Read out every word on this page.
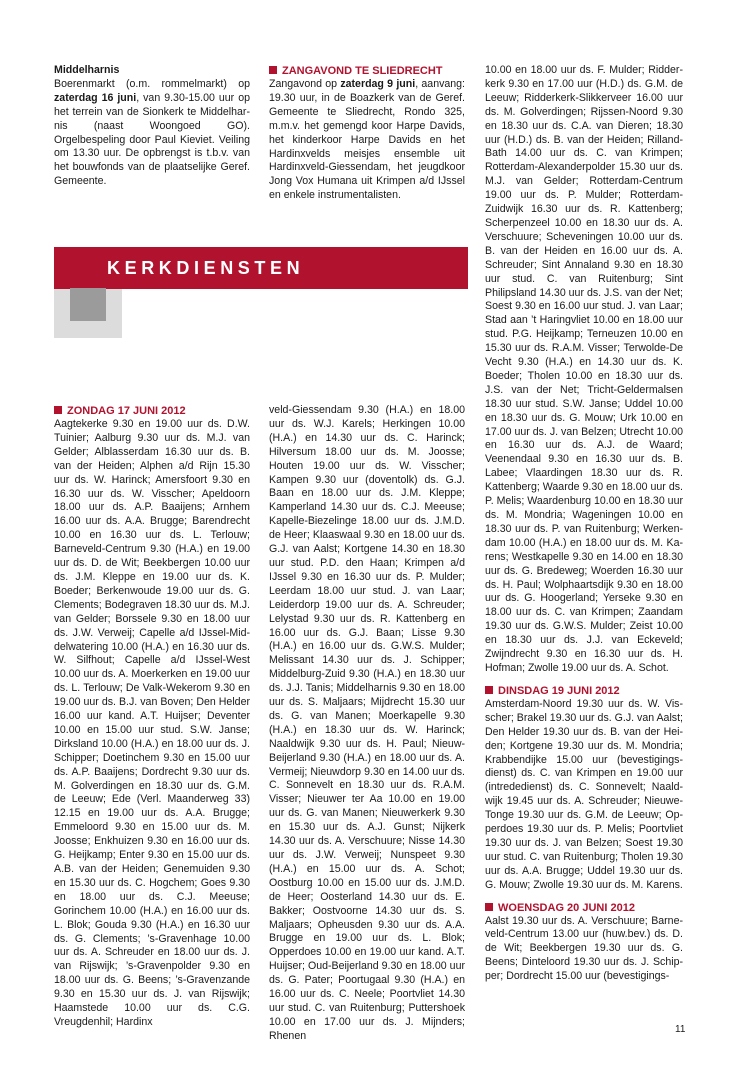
Middelharnis

Boerenmarkt (o.m. rommelmarkt) op zaterdag 16 juni, van 9.30-15.00 uur op het terrein van de Sionkerk te Middelharnis (naast Woongoed GO). Orgelbespeling door Paul Kieviet. Veiling om 13.30 uur. De opbrengst is t.b.v. van het bouwfonds van de plaatselijke Geref. Gemeente.

ZANGAVOND TE SLIEDRECHT

Zangavond op zaterdag 9 juni, aanvang: 19.30 uur, in de Boazkerk van de Geref. Gemeente te Sliedrecht, Rondo 325, m.m.v. het gemengd koor Harpe Davids, het kinderkoor Harpe Davids en het Hardinxvelds meisjes ensemble uit Hardinxveld-Giessendam, het jeugdkoor Jong Vox Humana uit Krimpen a/d IJssel en enkele instrumentalisten.

KERKDIENSTEN

ZONDAG 17 JUNI 2012

Aagtekerke 9.30 en 19.00 uur ds. D.W. Tuinier; Aalburg 9.30 uur ds. M.J. van Gelder; Alblasserdam 16.30 uur ds. B. van der Heiden; Alphen a/d Rijn 15.30 uur ds. W. Harinck; Amersfoort 9.30 en 16.30 uur ds. W. Visscher; Apeldoorn 18.00 uur ds. A.P. Baaijens; Arnhem 16.00 uur ds. A.A. Brugge; Barendrecht 10.00 en 16.30 uur ds. L. Terlouw; Barneveld-Centrum 9.30 (H.A.) en 19.00 uur ds. D. de Wit; Beekbergen 10.00 uur ds. J.M. Kleppe en 19.00 uur ds. K. Boeder; Berkenwoude 19.00 uur ds. G. Clements; Bodegraven 18.30 uur ds. M.J. van Gelder; Borssele 9.30 en 18.00 uur ds. J.W. Verweij; Capelle a/d IJssel-Middelwatering 10.00 (H.A.) en 16.30 uur ds. W. Silfhout; Capelle a/d IJssel-West 10.00 uur ds. A. Moerkerken en 19.00 uur ds. L. Terlouw; De Valk-Wekerom 9.30 en 19.00 uur ds. B.J. van Boven; Den Helder 16.00 uur kand. A.T. Huijser; Deventer 10.00 en 15.00 uur stud. S.W. Janse; Dirksland 10.00 (H.A.) en 18.00 uur ds. J. Schipper; Doetinchem 9.30 en 15.00 uur ds. A.P. Baaijens; Dordrecht 9.30 uur ds. M. Golverdingen en 18.30 uur ds. G.M. de Leeuw; Ede (Verl. Maanderweg 33) 12.15 en 19.00 uur ds. A.A. Brugge; Emmeloord 9.30 en 15.00 uur ds. M. Joosse; Enkhuizen 9.30 en 16.00 uur ds. G. Heijkamp; Enter 9.30 en 15.00 uur ds. A.B. van der Heiden; Genemuiden 9.30 en 15.30 uur ds. C. Hogchem; Goes 9.30 en 18.00 uur ds. C.J. Meeuse; Gorinchem 10.00 (H.A.) en 16.00 uur ds. L. Blok; Gouda 9.30 (H.A.) en 16.30 uur ds. G. Clements; ’s-Gravenhage 10.00 uur ds. A. Schreuder en 18.00 uur ds. J. van Rijswijk; ’s-Gravenpolder 9.30 en 18.00 uur ds. G. Beens; ’s-Gravenzande 9.30 en 15.30 uur ds. J. van Rijswijk; Haamstede 10.00 uur ds. C.G. Vreugdenhil; Hardinx

veld-Giessendam 9.30 (H.A.) en 18.00 uur ds. W.J. Karels; Herkingen 10.00 (H.A.) en 14.30 uur ds. C. Harinck; Hilversum 18.00 uur ds. M. Joosse; Houten 19.00 uur ds. W. Visscher; Kampen 9.30 uur (doventolk) ds. G.J. Baan en 18.00 uur ds. J.M. Kleppe; Kamperland 14.30 uur ds. C.J. Meeuse; Kapelle-Biezelinge 18.00 uur ds. J.M.D. de Heer; Klaaswaal 9.30 en 18.00 uur ds. G.J. van Aalst; Kortgene 14.30 en 18.30 uur stud. P.D. den Haan; Krimpen a/d IJssel 9.30 en 16.30 uur ds. P. Mulder; Leerdam 18.00 uur stud. J. van Laar; Leiderdorp 19.00 uur ds. A. Schreuder; Lelystad 9.30 uur ds. R. Kattenberg en 16.00 uur ds. G.J. Baan; Lisse 9.30 (H.A.) en 16.00 uur ds. G.W.S. Mulder; Melissant 14.30 uur ds. J. Schipper; Middelburg-Zuid 9.30 (H.A.) en 18.30 uur ds. J.J. Tanis; Middelharnis 9.30 en 18.00 uur ds. S. Maljaars; Mijdrecht 15.30 uur ds. G. van Manen; Moerkapelle 9.30 (H.A.) en 18.30 uur ds. W. Harinck; Naaldwijk 9.30 uur ds. H. Paul; Nieuw-Beijerland 9.30 (H.A.) en 18.00 uur ds. A. Vermeij; Nieuwdorp 9.30 en 14.00 uur ds. C. Sonnevelt en 18.30 uur ds. R.A.M. Visser; Nieuwer ter Aa 10.00 en 19.00 uur ds. G. van Manen; Nieuwerkerk 9.30 en 15.30 uur ds. A.J. Gunst; Nijkerk 14.30 uur ds. A. Verschuure; Nisse 14.30 uur ds. J.W. Verweij; Nunspeet 9.30 (H.A.) en 15.00 uur ds. A. Schot; Oostburg 10.00 en 15.00 uur ds. J.M.D. de Heer; Oosterland 14.30 uur ds. E. Bakker; Oostvoorne 14.30 uur ds. S. Maljaars; Opheusden 9.30 uur ds. A.A. Brugge en 19.00 uur ds. L. Blok; Opperdoes 10.00 en 19.00 uur kand. A.T. Huijser; Oud-Beijerland 9.30 en 18.00 uur ds. G. Pater; Poortugaal 9.30 (H.A.) en 16.00 uur ds. C. Neele; Poortvliet 14.30 uur stud. C. van Ruitenburg; Puttershoek 10.00 en 17.00 uur ds. J. Mijnders; Rhenen

10.00 en 18.00 uur ds. F. Mulder; Ridderkerk 9.30 en 17.00 uur (H.D.) ds. G.M. de Leeuw; Ridderkerk-Slikkerveer 16.00 uur ds. M. Golverdingen; Rijssen-Noord 9.30 en 18.30 uur ds. C.A. van Dieren; 18.30 uur (H.D.) ds. B. van der Heiden; Rilland-Bath 14.00 uur ds. C. van Krimpen; Rotterdam-Alexanderpolder 15.30 uur ds. M.J. van Gelder; Rotterdam-Centrum 19.00 uur ds. P. Mulder; Rotterdam-Zuidwijk 16.30 uur ds. R. Kattenberg; Scherpenzeel 10.00 en 18.30 uur ds. A. Verschuure; Scheveningen 10.00 uur ds. B. van der Heiden en 16.00 uur ds. A. Schreuder; Sint Annaland 9.30 en 18.30 uur stud. C. van Ruitenburg; Sint Philipsland 14.30 uur ds. J.S. van der Net; Soest 9.30 en 16.00 uur stud. J. van Laar; Stad aan ’t Haringvliet 10.00 en 18.00 uur stud. P.G. Heijkamp; Terneuzen 10.00 en 15.30 uur ds. R.A.M. Visser; Terwolde-De Vecht 9.30 (H.A.) en 14.30 uur ds. K. Boeder; Tholen 10.00 en 18.30 uur ds. J.S. van der Net; Tricht-Geldermalsen 18.30 uur stud. S.W. Janse; Uddel 10.00 en 18.30 uur ds. G. Mouw; Urk 10.00 en 17.00 uur ds. J. van Belzen; Utrecht 10.00 en 16.30 uur ds. A.J. de Waard; Veenendaal 9.30 en 16.30 uur ds. B. Labee; Vlaardingen 18.30 uur ds. R. Kattenberg; Waarde 9.30 en 18.00 uur ds. P. Melis; Waardenburg 10.00 en 18.30 uur ds. M. Mondria; Wageningen 10.00 en 18.30 uur ds. P. van Ruitenburg; Werkendam 10.00 (H.A.) en 18.00 uur ds. M. Karens; Westkapelle 9.30 en 14.00 en 18.30 uur ds. G. Bredeweg; Woerden 16.30 uur ds. H. Paul; Wolphaartsdijk 9.30 en 18.00 uur ds. G. Hoogerland; Yerseke 9.30 en 18.00 uur ds. C. van Krimpen; Zaandam 19.30 uur ds. G.W.S. Mulder; Zeist 10.00 en 18.30 uur ds. J.J. van Eckeveld; Zwijndrecht 9.30 en 16.30 uur ds. H. Hofman; Zwolle 19.00 uur ds. A. Schot.

DINSDAG 19 JUNI 2012

Amsterdam-Noord 19.30 uur ds. W. Visscher; Brakel 19.30 uur ds. G.J. van Aalst; Den Helder 19.30 uur ds. B. van der Heiden; Kortgene 19.30 uur ds. M. Mondria; Krabbendijke 15.00 uur (bevestigingsdienst) ds. C. van Krimpen en 19.00 uur (intrededienst) ds. C. Sonnevelt; Naaldwijk 19.45 uur ds. A. Schreuder; Nieuwe-Tonge 19.30 uur ds. G.M. de Leeuw; Opperdoes 19.30 uur ds. P. Melis; Poortvliet 19.30 uur ds. J. van Belzen; Soest 19.30 uur stud. C. van Ruitenburg; Tholen 19.30 uur ds. A.A. Brugge; Uddel 19.30 uur ds. G. Mouw; Zwolle 19.30 uur ds. M. Karens.

WOENSDAG 20 JUNI 2012

Aalst 19.30 uur ds. A. Verschuure; Barneveld-Centrum 13.00 uur (huw.bev.) ds. D. de Wit; Beekbergen 19.30 uur ds. G. Beens; Dinteloord 19.30 uur ds. J. Schipper; Dordrecht 15.00 uur (bevestigings-

11
